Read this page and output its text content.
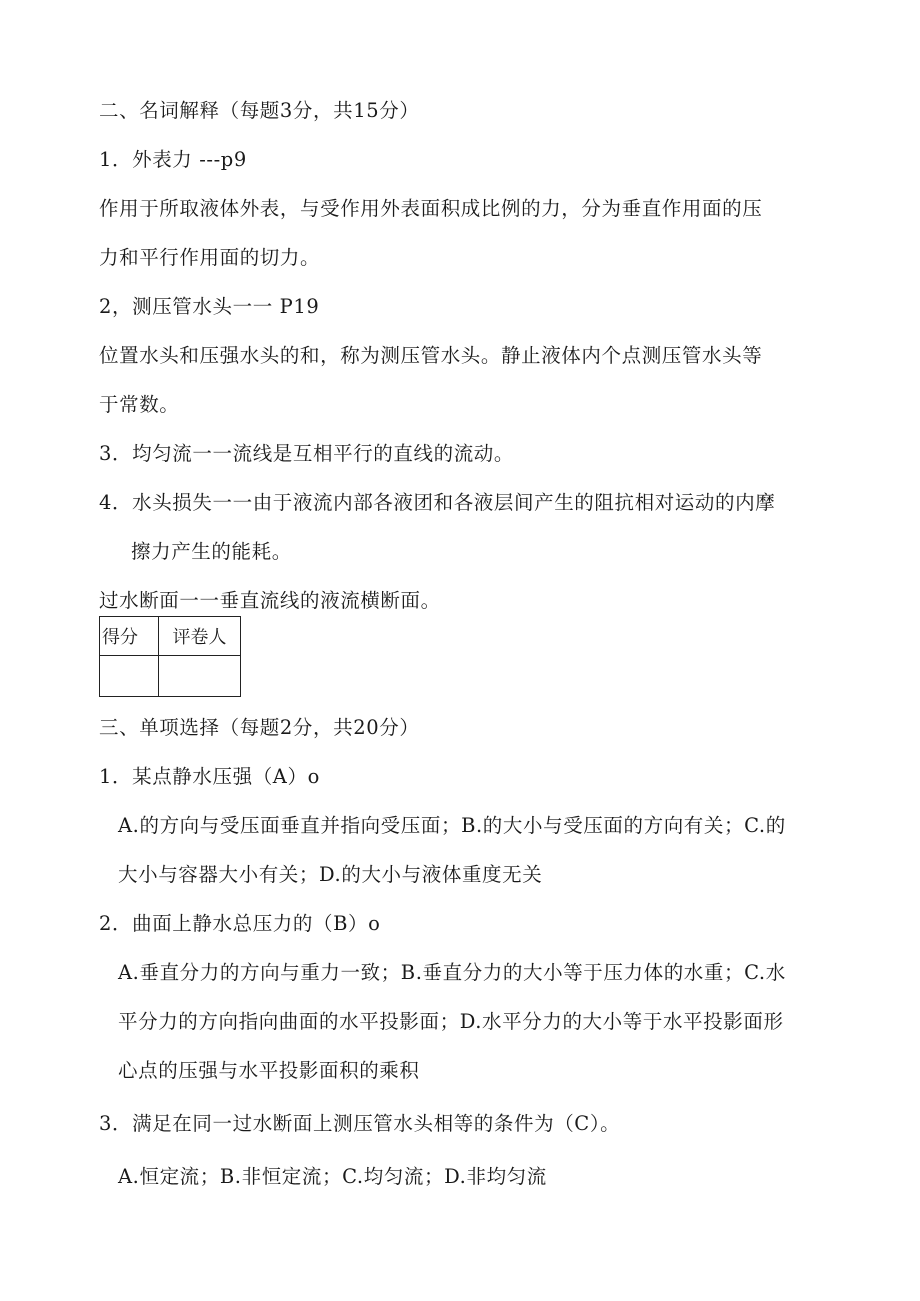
二、名词解释（每题3分，共15分）
1．外表力 ---p9
作用于所取液体外表，与受作用外表面积成比例的力，分为垂直作用面的压
力和平行作用面的切力。
2，测压管水头一一 P19
位置水头和压强水头的和，称为测压管水头。静止液体内个点测压管水头等
于常数。
3．均匀流一一流线是互相平行的直线的流动。
4．水头损失一一由于液流内部各液团和各液层间产生的阻抗相对运动的内摩
擦力产生的能耗。
过水断面一一垂直流线的液流横断面。
得分	评卷人

三、单项选择（每题2分，共20分）
1．某点静水压强（A）o
A.的方向与受压面垂直并指向受压面；B.的大小与受压面的方向有关；C.的
大小与容器大小有关；D.的大小与液体重度无关
2．曲面上静水总压力的（B）o
A.垂直分力的方向与重力一致；B.垂直分力的大小等于压力体的水重；C.水
平分力的方向指向曲面的水平投影面；D.水平分力的大小等于水平投影面形
心点的压强与水平投影面积的乘积
3．满足在同一过水断面上测压管水头相等的条件为（C）。
A.恒定流；B.非恒定流；C.均匀流；D.非均匀流
